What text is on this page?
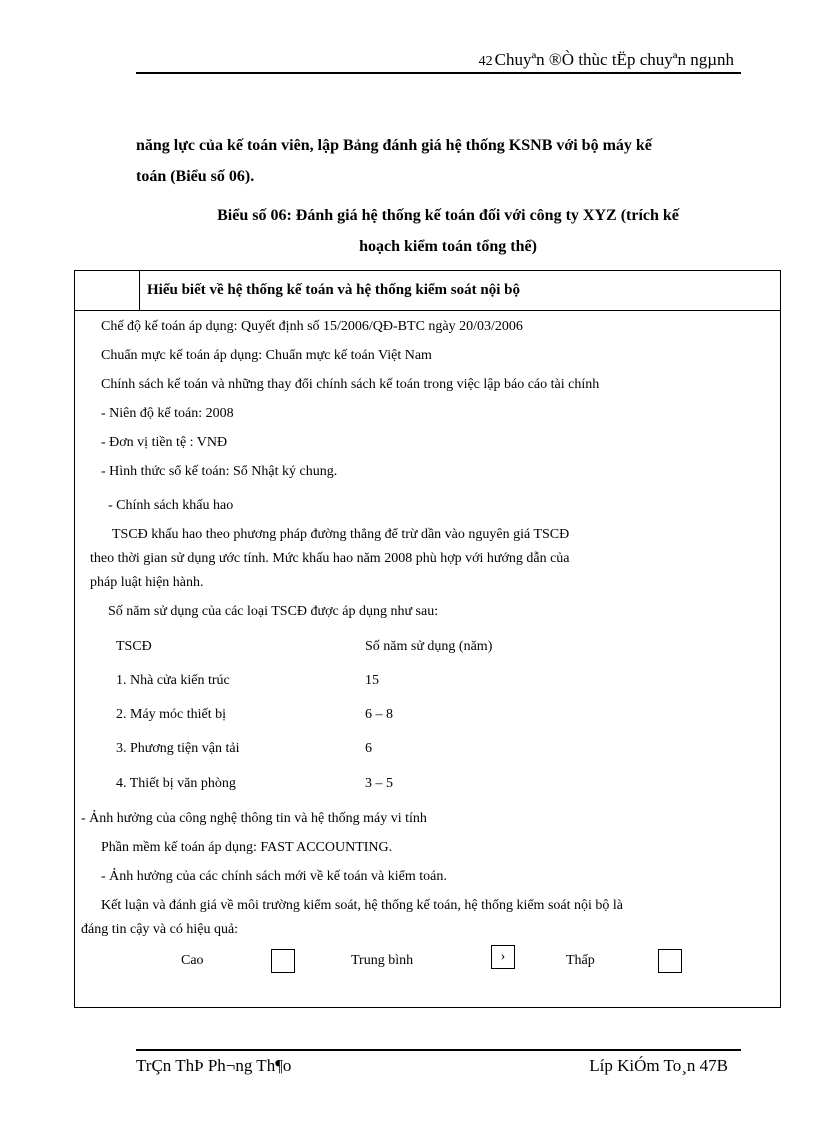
42 Chuyªn ®Ò thùc tËp chuyªn ngµnh
năng lực của kế toán viên, lập Bảng đánh giá hệ thống KSNB với bộ máy kế
toán (Biểu số 06).
Biểu số 06: Đánh giá hệ thống kế toán đối với công ty XYZ (trích kế
hoạch kiểm toán tổng thể)
Hiểu biết về hệ thống kế toán và hệ thống kiểm soát nội bộ
Chế độ kế toán áp dụng: Quyết định số 15/2006/QĐ-BTC ngày 20/03/2006
Chuẩn mực kế toán áp dụng: Chuẩn mực kế toán Việt Nam
Chính sách kế toán và những thay đổi chính sách kế toán trong việc lập báo cáo tài chính
- Niên độ kế toán: 2008
- Đơn vị tiền tệ : VNĐ
- Hình thức sổ kế toán: Sổ Nhật ký chung.
- Chính sách khấu hao
TSCĐ khấu hao theo phương pháp đường thẳng để trừ dần vào nguyên giá TSCĐ
theo thời gian sử dụng ước tính. Mức khấu hao năm 2008 phù hợp với hướng dẫn của
pháp luật hiện hành.
Số năm sử dụng của các loại TSCĐ được áp dụng như sau:
TSCĐ	Số năm sử dụng (năm)
1. Nhà cửa kiến trúc	15
2. Máy móc thiết bị	6 – 8
3. Phương tiện vận tải	6
4. Thiết bị văn phòng	3 – 5
- Ảnh hưởng của công nghệ thông tin và hệ thống máy vi tính
Phần mềm kế toán áp dụng: FAST ACCOUNTING.
- Ảnh hưởng của các chính sách mới về kế toán và kiểm toán.
Kết luận và đánh giá về môi trường kiểm soát, hệ thống kế toán, hệ thống kiểm soát nội bộ là
đáng tin cậy và có hiệu quả:
Cao	Trung bình	›	Thấp
TrÇn ThÞ Ph¬ng Th¶o	Líp KiÓm To¸n 47B
